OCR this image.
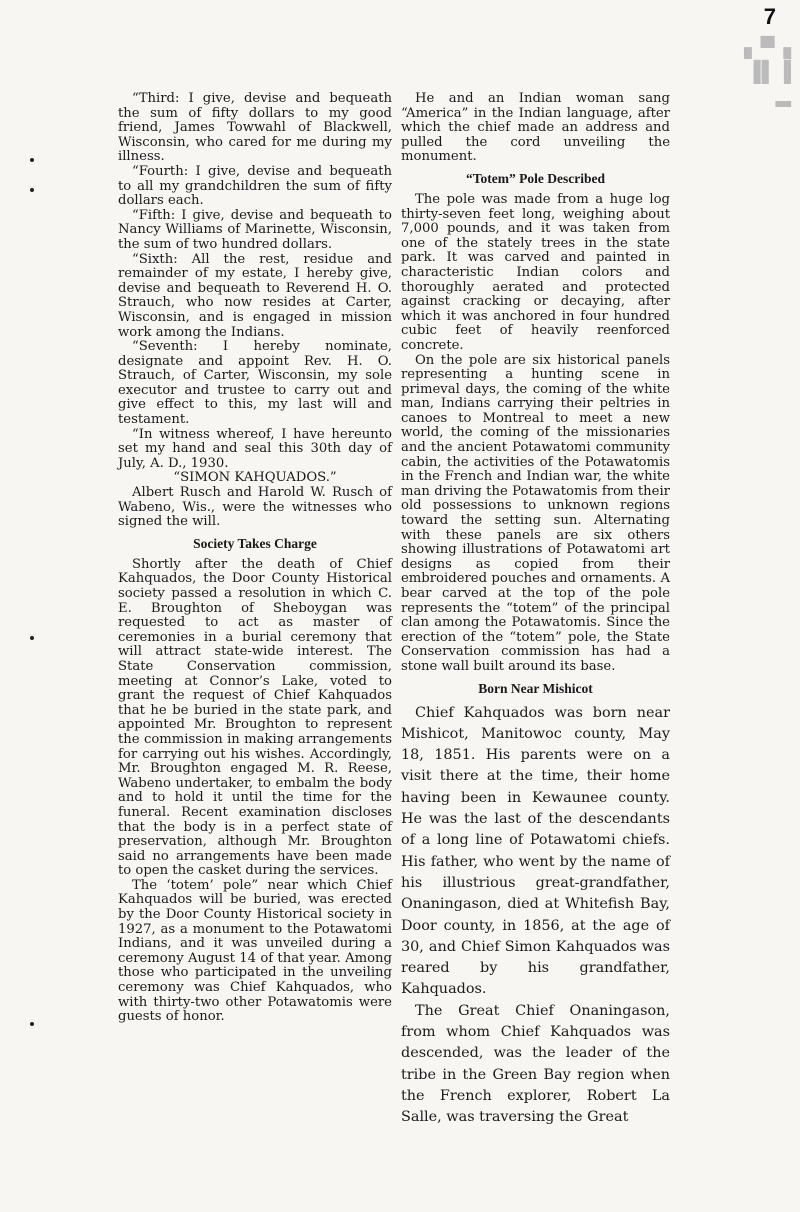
7
▖▀▗
▐▌▐
▂

“Third: I give, devise and bequeath the sum of fifty dollars to my good friend, James Towwahl of Blackwell, Wisconsin, who cared for me during my illness.

“Fourth: I give, devise and bequeath to all my grandchildren the sum of fifty dollars each.

“Fifth: I give, devise and bequeath to Nancy Williams of Marinette, Wisconsin, the sum of two hundred dollars.

“Sixth: All the rest, residue and remainder of my estate, I hereby give, devise and bequeath to Reverend H. O. Strauch, who now resides at Carter, Wisconsin, and is engaged in mission work among the Indians.

“Seventh: I hereby nominate, designate and appoint Rev. H. O. Strauch, of Carter, Wisconsin, my sole executor and trustee to carry out and give effect to this, my last will and testament.

“In witness whereof, I have hereunto set my hand and seal this 30th day of July, A. D., 1930.

“SIMON KAHQUADOS.”

Albert Rusch and Harold W. Rusch of Wabeno, Wis., were the witnesses who signed the will.

Society Takes Charge

Shortly after the death of Chief Kahquados, the Door County Historical society passed a resolution in which C. E. Broughton of Sheboygan was requested to act as master of ceremonies in a burial ceremony that will attract state-wide interest. The State Conservation commission, meeting at Connor’s Lake, voted to grant the request of Chief Kahquados that he be buried in the state park, and appointed Mr. Broughton to represent the commission in making arrangements for carrying out his wishes. Accordingly, Mr. Broughton engaged M. R. Reese, Wabeno undertaker, to embalm the body and to hold it until the time for the funeral. Recent examination discloses that the body is in a perfect state of preservation, although Mr. Broughton said no arrangements have been made to open the casket during the services.

The ‘totem’ pole” near which Chief Kahquados will be buried, was erected by the Door County Historical society in 1927, as a monument to the Potawatomi Indians, and it was unveiled during a ceremony August 14 of that year. Among those who participated in the unveiling ceremony was Chief Kahquados, who with thirty-two other Potawatomis were guests of honor.

He and an Indian woman sang “America” in the Indian language, after which the chief made an address and pulled the cord unveiling the monument.

“Totem” Pole Described

The pole was made from a huge log thirty-seven feet long, weighing about 7,000 pounds, and it was taken from one of the stately trees in the state park. It was carved and painted in characteristic Indian colors and thoroughly aerated and protected against cracking or decaying, after which it was anchored in four hundred cubic feet of heavily reenforced concrete.

On the pole are six historical panels representing a hunting scene in primeval days, the coming of the white man, Indians carrying their peltries in canoes to Montreal to meet a new world, the coming of the missionaries and the ancient Potawatomi community cabin, the activities of the Potawatomis in the French and Indian war, the white man driving the Potawatomis from their old possessions to unknown regions toward the setting sun. Alternating with these panels are six others showing illustrations of Potawatomi art designs as copied from their embroidered pouches and ornaments. A bear carved at the top of the pole represents the “totem” of the principal clan among the Potawatomis. Since the erection of the “totem” pole, the State Conservation commission has had a stone wall built around its base.

Born Near Mishicot

Chief Kahquados was born near Mishicot, Manitowoc county, May 18, 1851. His parents were on a visit there at the time, their home having been in Kewaunee county. He was the last of the descendants of a long line of Potawatomi chiefs. His father, who went by the name of his illustrious great-grandfather, Onaningason, died at Whitefish Bay, Door county, in 1856, at the age of 30, and Chief Simon Kahquados was reared by his grandfather, Kahquados.

The Great Chief Onaningason, from whom Chief Kahquados was descended, was the leader of the tribe in the Green Bay region when the French explorer, Robert La Salle, was traversing the Great
